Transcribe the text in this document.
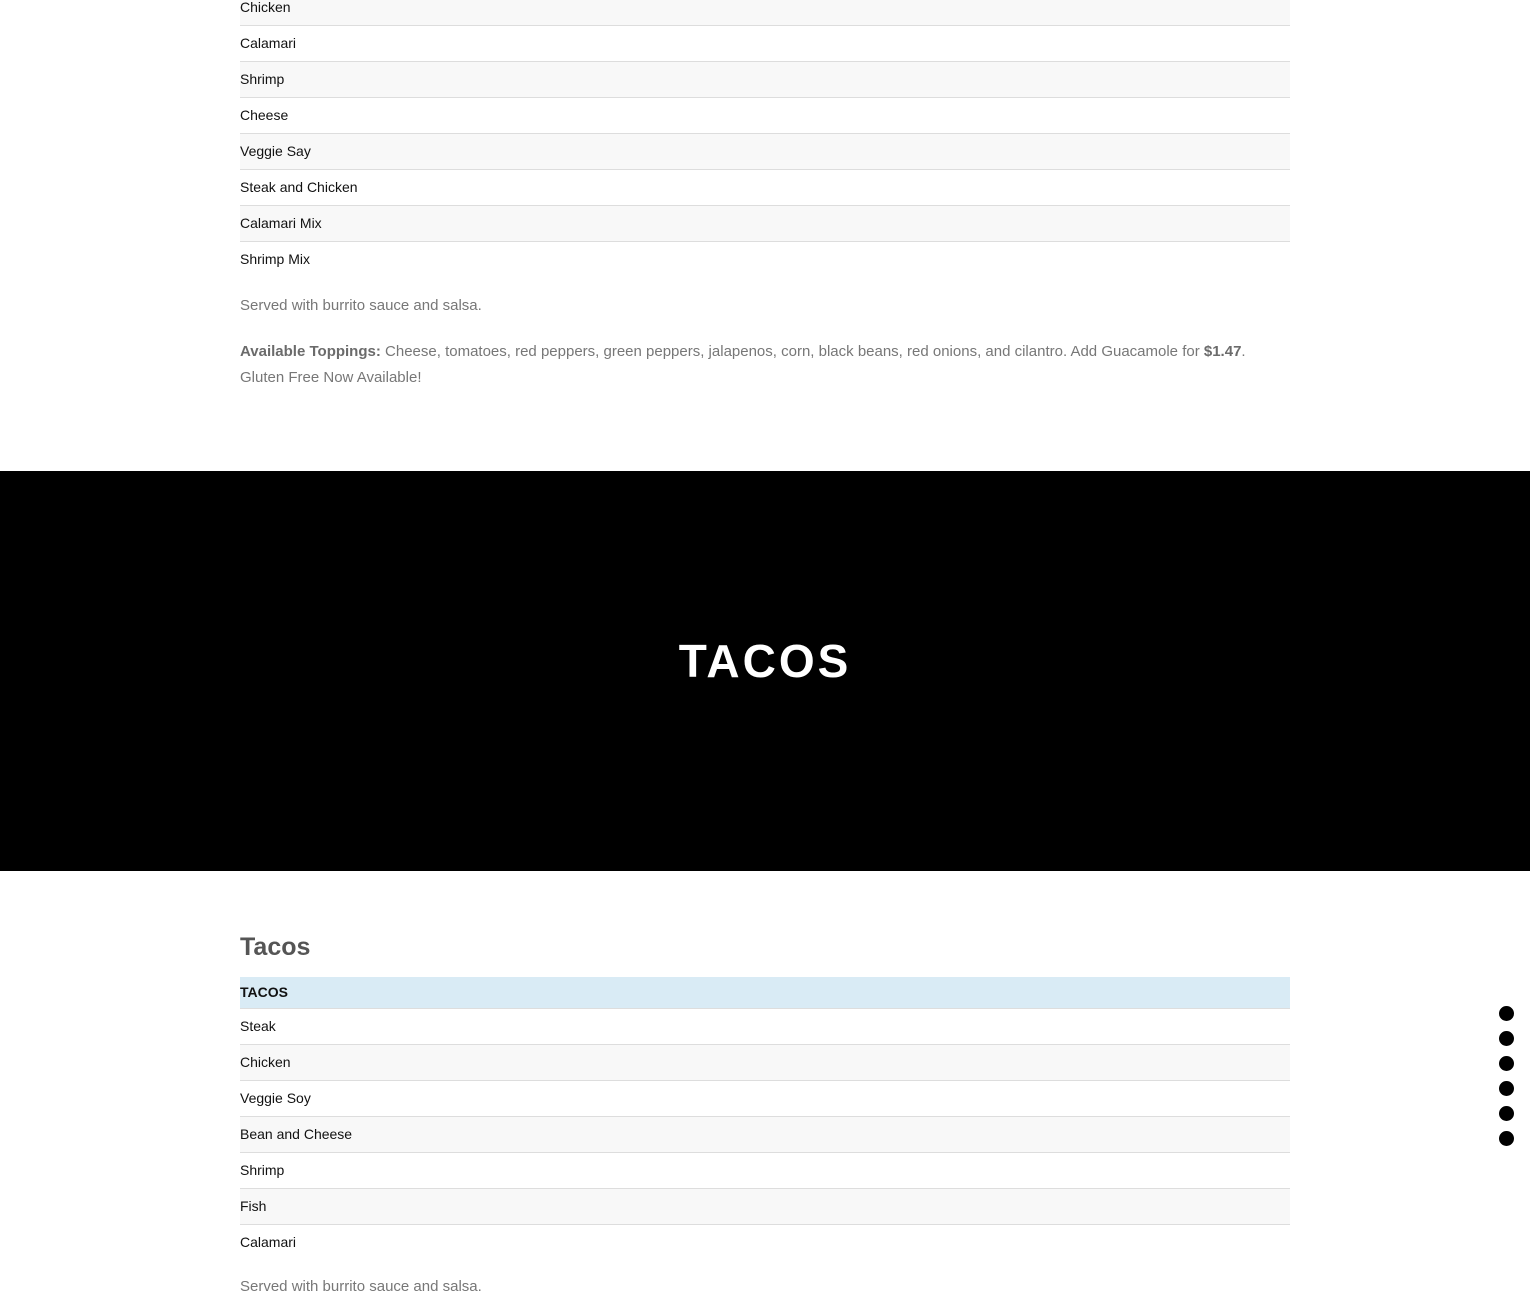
Chicken
Calamari
Shrimp
Cheese
Veggie Say
Steak and Chicken
Calamari Mix
Shrimp Mix
Served with burrito sauce and salsa.
Available Toppings: Cheese, tomatoes, red peppers, green peppers, jalapenos, corn, black beans, red onions, and cilantro. Add Guacamole for $1.47.
Gluten Free Now Available!
TACOS
Tacos
TACOS
Steak
Chicken
Veggie Soy
Bean and Cheese
Shrimp
Fish
Calamari
Served with burrito sauce and salsa.
